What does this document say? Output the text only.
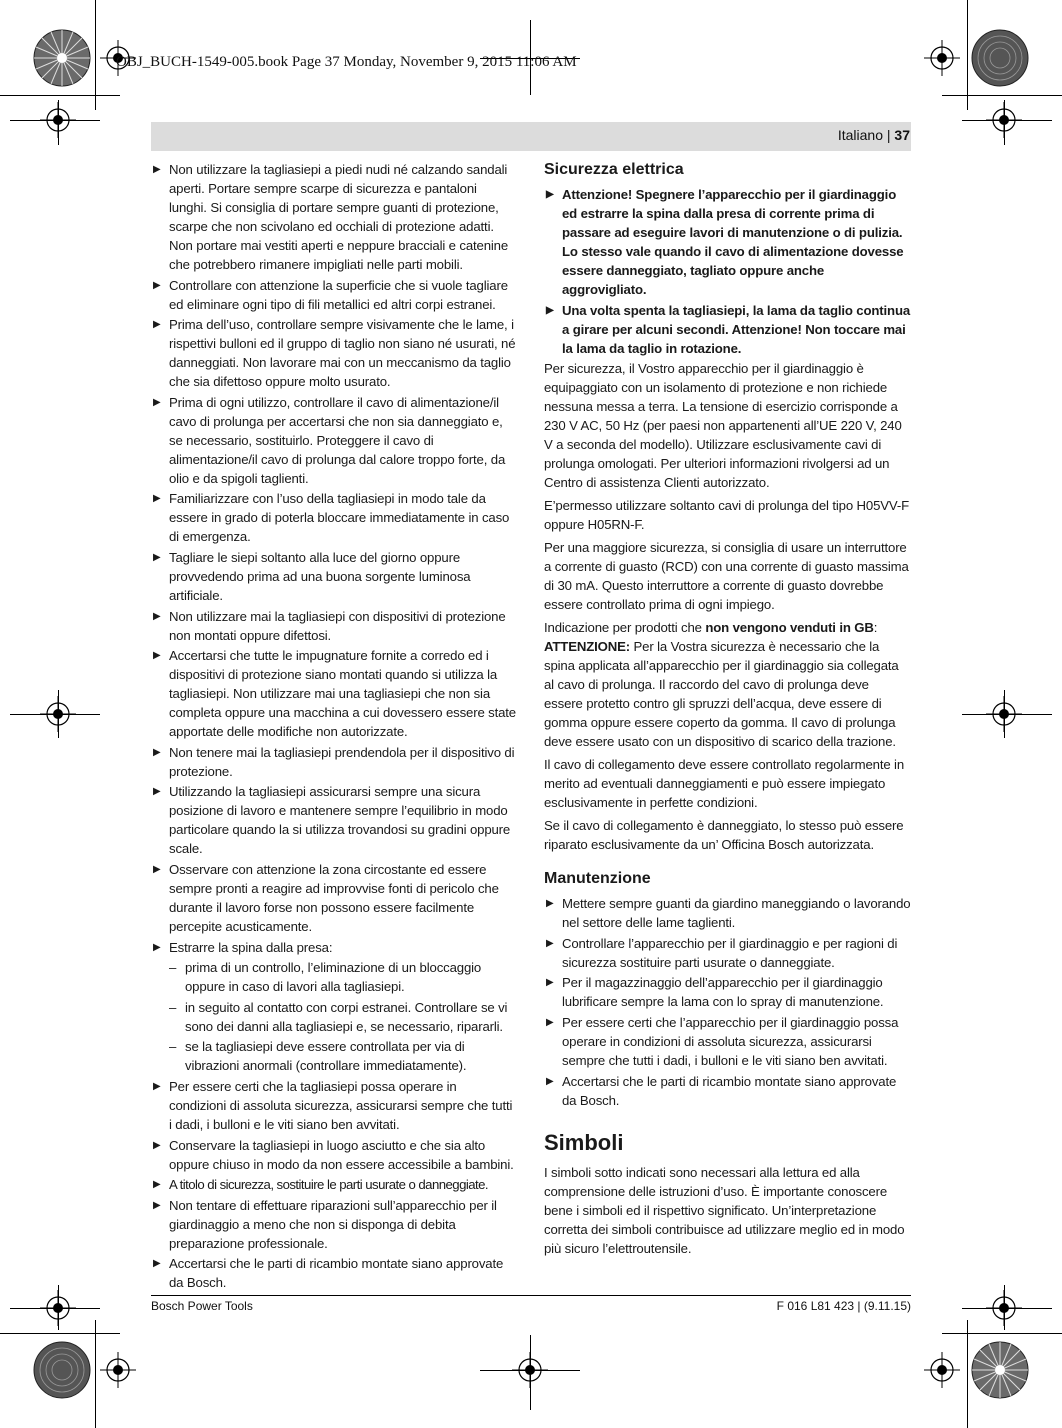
OBJ_BUCH-1549-005.book Page 37 Monday, November 9, 2015 11:06 AM
Italiano | 37
▶ Non utilizzare la tagliasiepi a piedi nudi né calzando sandali aperti. Portare sempre scarpe di sicurezza e pantaloni lunghi. Si consiglia di portare sempre guanti di protezione, scarpe che non scivolano ed occhiali di protezione adatti. Non portare mai vestiti aperti e neppure bracciali e catenine che potrebbero rimanere impigliati nelle parti mobili.
▶ Controllare con attenzione la superficie che si vuole tagliare ed eliminare ogni tipo di fili metallici ed altri corpi estranei.
▶ Prima dell’uso, controllare sempre visivamente che le lame, i rispettivi bulloni ed il gruppo di taglio non siano né usurati, né danneggiati. Non lavorare mai con un meccanismo da taglio che sia difettoso oppure molto usurato.
▶ Prima di ogni utilizzo, controllare il cavo di alimentazione/il cavo di prolunga per accertarsi che non sia danneggiato e, se necessario, sostituirlo. Proteggere il cavo di alimentazione/il cavo di prolunga dal calore troppo forte, da olio e da spigoli taglienti.
▶ Familiarizzare con l’uso della tagliasiepi in modo tale da essere in grado di poterla bloccare immediatamente in caso di emergenza.
▶ Tagliare le siepi soltanto alla luce del giorno oppure provvedendo prima ad una buona sorgente luminosa artificiale.
▶ Non utilizzare mai la tagliasiepi con dispositivi di protezione non montati oppure difettosi.
▶ Accertarsi che tutte le impugnature fornite a corredo ed i dispositivi di protezione siano montati quando si utilizza la tagliasiepi. Non utilizzare mai una tagliasiepi che non sia completa oppure una macchina a cui dovessero essere state apportate delle modifiche non autorizzate.
▶ Non tenere mai la tagliasiepi prendendola per il dispositivo di protezione.
▶ Utilizzando la tagliasiepi assicurarsi sempre una sicura posizione di lavoro e mantenere sempre l’equilibrio in modo particolare quando la si utilizza trovandosi su gradini oppure scale.
▶ Osservare con attenzione la zona circostante ed essere sempre pronti a reagire ad improvvise fonti di pericolo che durante il lavoro forse non possono essere facilmente percepite acusticamente.
▶ Estrarre la spina dalla presa:
– prima di un controllo, l’eliminazione di un bloccaggio oppure in caso di lavori alla tagliasiepi.
– in seguito al contatto con corpi estranei. Controllare se vi sono dei danni alla tagliasiepi e, se necessario, ripararli.
– se la tagliasiepi deve essere controllata per via di vibrazioni anormali (controllare immediatamente).
▶ Per essere certi che la tagliasiepi possa operare in condizioni di assoluta sicurezza, assicurarsi sempre che tutti i dadi, i bulloni e le viti siano ben avvitati.
▶ Conservare la tagliasiepi in luogo asciutto e che sia alto oppure chiuso in modo da non essere accessibile a bambini.
▶ A titolo di sicurezza, sostituire le parti usurate o danneggiate.
▶ Non tentare di effettuare riparazioni sull’apparecchio per il giardinaggio a meno che non si disponga di debita preparazione professionale.
▶ Accertarsi che le parti di ricambio montate siano approvate da Bosch.
Sicurezza elettrica
▶ Attenzione! Spegnere l’apparecchio per il giardinaggio ed estrarre la spina dalla presa di corrente prima di passare ad eseguire lavori di manutenzione o di pulizia. Lo stesso vale quando il cavo di alimentazione dovesse essere danneggiato, tagliato oppure anche aggrovigliato.
▶ Una volta spenta la tagliasiepi, la lama da taglio continua a girare per alcuni secondi. Attenzione! Non toccare mai la lama da taglio in rotazione.

Per sicurezza, il Vostro apparecchio per il giardinaggio è equipaggiato con un isolamento di protezione e non richiede nessuna messa a terra. La tensione di esercizio corrisponde a 230 V AC, 50 Hz (per paesi non appartenenti all’UE 220 V, 240 V a seconda del modello). Utilizzare esclusivamente cavi di prolunga omologati. Per ulteriori informazioni rivolgersi ad un Centro di assistenza Clienti autorizzato.

E’permesso utilizzare soltanto cavi di prolunga del tipo H05VV-F oppure H05RN-F.

Per una maggiore sicurezza, si consiglia di usare un interruttore a corrente di guasto (RCD) con una corrente di guasto massima di 30 mA. Questo interruttore a corrente di guasto dovrebbe essere controllato prima di ogni impiego.

Indicazione per prodotti che non vengono venduti in GB:

ATTENZIONE: Per la Vostra sicurezza è necessario che la spina applicata all’apparecchio per il giardinaggio sia collegata al cavo di prolunga. Il raccordo del cavo di prolunga deve essere protetto contro gli spruzzi dell’acqua, deve essere di gomma oppure essere coperto da gomma. Il cavo di prolunga deve essere usato con un dispositivo di scarico della trazione.

Il cavo di collegamento deve essere controllato regolarmente in merito ad eventuali danneggiamenti e può essere impiegato esclusivamente in perfette condizioni.

Se il cavo di collegamento è danneggiato, lo stesso può essere riparato esclusivamente da un’ Officina Bosch autorizzata.

Manutenzione
▶ Mettere sempre guanti da giardino maneggiando o lavorando nel settore delle lame taglienti.
▶ Controllare l’apparecchio per il giardinaggio e per ragioni di sicurezza sostituire parti usurate o danneggiate.
▶ Per il magazzinaggio dell’apparecchio per il giardinaggio lubrificare sempre la lama con lo spray di manutenzione.
▶ Per essere certi che l’apparecchio per il giardinaggio possa operare in condizioni di assoluta sicurezza, assicurarsi sempre che tutti i dadi, i bulloni e le viti siano ben avvitati.
▶ Accertarsi che le parti di ricambio montate siano approvate da Bosch.
Simboli

I simboli sotto indicati sono necessari alla lettura ed alla comprensione delle istruzioni d’uso. È importante conoscere bene i simboli ed il rispettivo significato. Un’interpretazione corretta dei simboli contribuisce ad utilizzare meglio ed in modo più sicuro l’elettroutensile.

Bosch Power Tools	F 016 L81 423 | (9.11.15)
